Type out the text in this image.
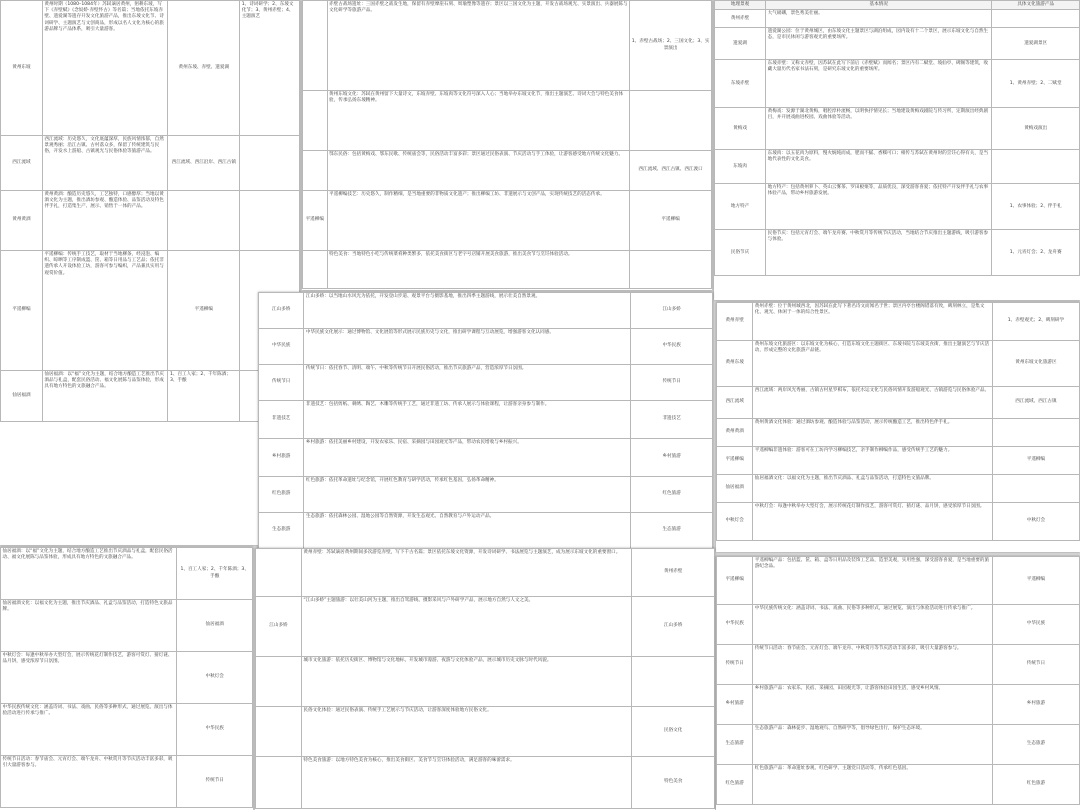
黄州东坡	黄州时期（1080–1084年）苏轼谪居黄州，躬耕东坡，写下《赤壁赋》《念奴娇·赤壁怀古》等名篇；当地依托东坡赤壁、遗爱湖等遗存开发文化旅游产品，推出东坡文化节、诗词研学、主题演艺与文创商品，形成以名人文化为核心的旅游品牌与产品体系，吸引大量游客。	黄州东坡、赤壁、遗爱湖	1、诗词研学；2、东坡文化节；3、黄州赤壁；4、主题演艺
西江流域	西江流域：历史悠久，文化底蕴深厚，民族风情浓郁，自然景观秀丽；沿江古镇、古村落众多，保留了传统建筑与民俗，开发水上游船、古镇观光与民俗体验等旅游产品。	西江流域、西江沿岸、西江古镇	
黄州黄酒	黄州黄酒：酿造历史悠久，工艺独特，口感醇厚；当地以黄酒文化为主题，推出酒坊参观、酿造体验、品鉴活动及特色伴手礼，打造集生产、展示、销售于一体的产品。		
平遥柳编	平遥柳编：传统手工技艺，取材于当地柳条，经浸泡、编织、晾晒等工序制成篮、筐、箱等日用品与工艺品；依托非遗传承人开设体验工坊，游客可参与编织，产品兼具实用与观赏价值。	平遥柳编	
仙居福酒	仙居福酒：以“福”文化为主题，结合地方酿造工艺推出节庆酒品与礼盒，配套民俗活动、福文化展陈与品鉴体验，形成具有地方特色的文旅融合产品。	1、百工人家；2、千年陈酒；3、手酿	
	赤壁古战场遗址：三国赤壁之战发生地，保留有赤壁摩崖石刻、周瑜塑像等遗存；景区以三国文化为主题，开发古战场观光、实景演出、兵器展陈与文化研学等旅游产品。	1、赤壁古战场；2、三国文化；3、实景演出
	黄州东坡文化：苏轼在黄州留下大量诗文，东坡赤壁、东坡肉等文化符号深入人心；当地举办东坡文化节，推出主题演艺、诗词大会与特色美食体验，传承弘扬东坡精神。	
	鄂东民俗：包括黄梅戏、鄂东民歌、传统庙会等，民俗活动丰富多彩；景区通过民俗表演、节庆活动与手工体验，让游客感受地方传统文化魅力。	西江流域、西江古镇、西江渡口
平遥柳编	平遥柳编技艺：历史悠久，制作精细，是当地重要的非物质文化遗产；推出柳编工坊、非遗展示与文创产品，实现传统技艺的活态传承。	平遥柳编
	特色美食：当地特色小吃与传统菜肴种类繁多，依托美食街区与老字号店铺开展美食旅游，推出美食节与烹饪体验活动。	
地理景观	基本情况	具体文化旅游产品
黄州赤壁	大气磅礴，景色秀美壮丽。	
遗爱湖	遗爱湖公园：位于黄州城区，由东坡文化主题景区与湖泊组成，园内设有十二个景区，展示东坡文化与自然生态，是市民休闲与游客观光的重要场所。	遗爱湖景区
东坡赤壁	东坡赤壁：又称文赤壁，因苏轼在此写下前后《赤壁赋》而闻名；景区内有二赋堂、坡仙亭、碑阁等建筑，收藏大量历代名家书法石刻，是研究东坡文化的重要场所。	1、黄州赤壁；2、二赋堂
黄梅戏	黄梅戏：发源于湖北黄梅，唱腔淳朴流畅，以明快抒情见长；当地建设黄梅戏剧院与传习所，定期演出经典剧目，并开展戏曲进校园、戏曲体验等活动。	黄梅戏演出
东坡肉	东坡肉：以五花肉为原料，慢火焖炖而成，肥而不腻、香糯可口；相传与苏轼在黄州时的烹饪心得有关，是当地代表性的文化美食。	
地方特产	地方特产：包括黄州萝卜、英山云雾茶、罗田板栗等，品质优良，深受游客喜爱；依托特产开发伴手礼与农事体验产品，带动乡村旅游发展。	1、农事体验；2、伴手礼
民俗节庆	民俗节庆：包括元宵灯会、端午龙舟赛、中秋赏月等传统节庆活动，当地结合节庆推出主题游线，吸引游客参与体验。	1、元宵灯会；2、龙舟赛
江山多娇	江山多娇：以当地山水风光为依托，开发登山步道、观景平台与摄影基地，推出四季主题游线，展示壮美自然景观。	江山多娇
中华民族	中华民族文化展示：通过博物馆、文化展馆等形式展示民族历史与文化，推出研学课程与互动展览，增强游客文化认同感。	中华民族
传统节日	传统节日：依托春节、清明、端午、中秋等传统节日开展民俗活动，推出节庆旅游产品，营造浓厚节日氛围。	传统节日
非遗技艺	非遗技艺：包括剪纸、刺绣、陶艺、木雕等传统手工艺，通过非遗工坊、传承人展示与体验课程，让游客亲身参与制作。	非遗技艺
乡村旅游	乡村旅游：依托美丽乡村建设，开发农家乐、民宿、采摘园与田园观光等产品，带动农民增收与乡村振兴。	乡村旅游
红色旅游	红色旅游：依托革命遗址与纪念馆，开展红色教育与研学活动，传承红色基因，弘扬革命精神。	红色旅游
生态旅游	生态旅游：依托森林公园、湿地公园等自然资源，开发生态观光、自然教育与户外运动产品。	生态旅游
黄州赤壁	黄州赤壁：位于黄州城西北，因苏轼在此写下著名诗文而闻名于世；景区内亭台楼阁错落有致，碑刻林立，是集文化、观光、休闲于一体的综合性景区。	1、赤壁观光；2、碑刻研学
黄州东坡	黄州东坡文化旅游区：以东坡文化为核心，打造东坡文化主题街区、东坡书院与东坡美食街，推出主题演艺与节庆活动，形成完整的文化旅游产品链。	黄州东坡文化旅游区
西江流域	西江流域：两岸风光秀丽，古镇古村星罗棋布，依托水运文化与民俗风情开发游船观光、古镇游览与民俗体验产品。	西江流域、西江古镇
黄州黄酒	黄州黄酒文化体验：通过酒坊参观、酿造体验与品鉴活动，展示传统酿造工艺，推出特色伴手礼。	
平遥柳编	平遥柳编非遗体验：游客可在工坊内学习柳编技艺，亲手制作柳编作品，感受传统手工艺的魅力。	平遥柳编
仙居福酒	仙居福酒文化：以福文化为主题，推出节庆酒品、礼盒与品鉴活动，打造特色文旅品牌。	
中秋灯会	中秋灯会：每逢中秋举办大型灯会，展示传统花灯制作技艺，游客可赏灯、猜灯谜、品月饼，感受浓厚节日氛围。	中秋灯会
	黄州赤壁：苏轼谪居黄州期间多次游览赤壁，写下千古名篇；景区依托东坡文化资源，开发诗词研学、书法展览与主题演艺，成为展示东坡文化的重要窗口。	黄州赤壁
江山多娇	“江山多娇”主题旅游：以壮美山河为主题，推出自驾游线、摄影采风与户外研学产品，展示地方自然与人文之美。	江山多娇
	城市文化旅游：依托历史街区、博物馆与文化地标，开发城市漫游、夜游与文化体验产品，展示城市历史文脉与时代风貌。	
	民俗文化体验：通过民俗表演、传统手工艺展示与节庆活动，让游客深度体验地方民俗文化。	民俗文化
	特色美食旅游：以地方特色美食为核心，推出美食街区、美食节与烹饪体验活动，满足游客的味蕾需求。	特色美食
平遥柳编	平遥柳编产品：包括篮、筐、箱、盒等日用品及装饰工艺品，造型美观，实用性强，深受游客喜爱，是当地重要的旅游纪念品。	平遥柳编
中华民族	中华民族传统文化：涵盖诗词、书法、戏曲、民俗等多种形式，通过展览、演出与体验活动进行传承与推广。	中华民族
传统节日	传统节日活动：春节庙会、元宵灯会、端午龙舟、中秋赏月等节庆活动丰富多彩，吸引大量游客参与。	传统节日
乡村旅游	乡村旅游产品：农家乐、民宿、采摘园、田园观光等，让游客体验田园生活，感受乡村风情。	乡村旅游
生态旅游	生态旅游产品：森林徒步、湿地观鸟、自然研学等，倡导绿色出行，保护生态环境。	生态旅游
红色旅游	红色旅游产品：革命遗址参观、红色研学、主题党日活动等，传承红色基因。	红色旅游
仙居福酒：以“福”文化为主题，结合地方酿造工艺推出节庆酒品与礼盒，配套民俗活动、福文化展陈与品鉴体验，形成具有地方特色的文旅融合产品。	1、百工人家；2、千年陈酒；3、手酿
仙居福酒文化：以福文化为主题，推出节庆酒品、礼盒与品鉴活动，打造特色文旅品牌。	仙居福酒
中秋灯会：每逢中秋举办大型灯会，展示传统花灯制作技艺，游客可赏灯、猜灯谜、品月饼，感受浓厚节日氛围。	中秋灯会
中华民族传统文化：涵盖诗词、书法、戏曲、民俗等多种形式，通过展览、演出与体验活动进行传承与推广。	中华民族
传统节日活动：春节庙会、元宵灯会、端午龙舟、中秋赏月等节庆活动丰富多彩，吸引大量游客参与。	传统节日
